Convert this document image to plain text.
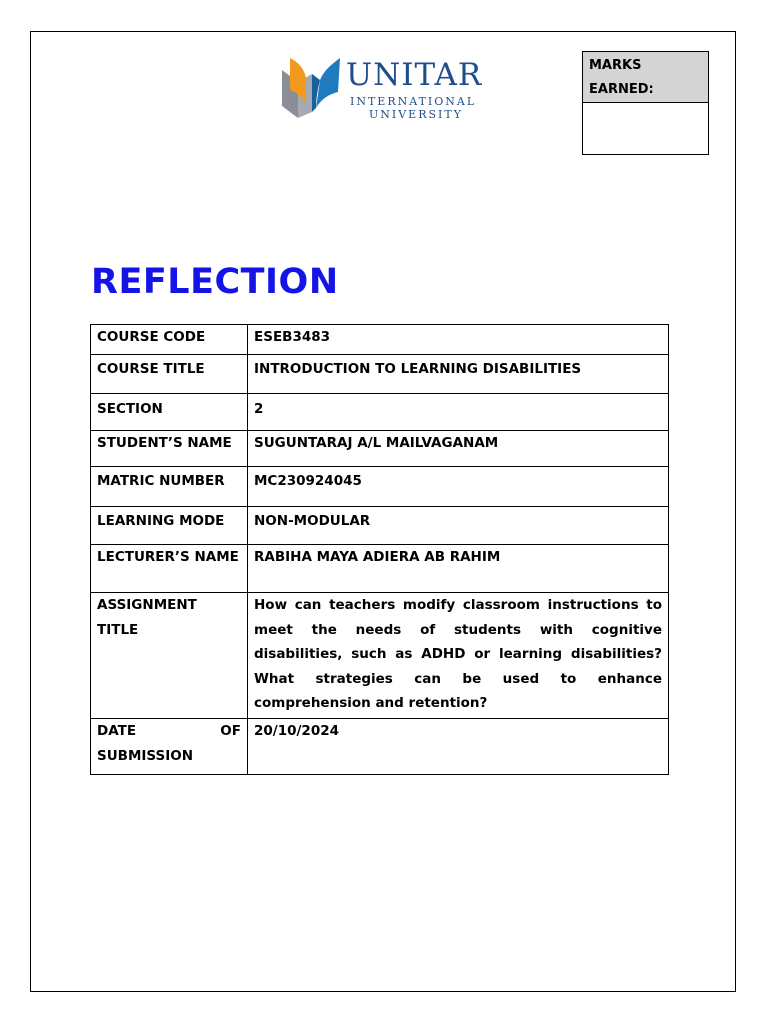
UNITAR
INTERNATIONAL
UNIVERSITY
MARKS
EARNED:
REFLECTION
COURSE CODE	ESEB3483
COURSE TITLE	INTRODUCTION TO LEARNING DISABILITIES
SECTION	2
STUDENT’S NAME	SUGUNTARAJ A/L MAILVAGANAM
MATRIC NUMBER	MC230924045
LEARNING MODE	NON-MODULAR
LECTURER’S NAME	RABIHA MAYA ADIERA AB RAHIM
ASSIGNMENT TITLE	How can teachers modify classroom instructions to meet the needs of students with cognitive disabilities, such as ADHD or learning disabilities? What strategies can be used to enhance comprehension and retention?
DATE OF SUBMISSION	20/10/2024
